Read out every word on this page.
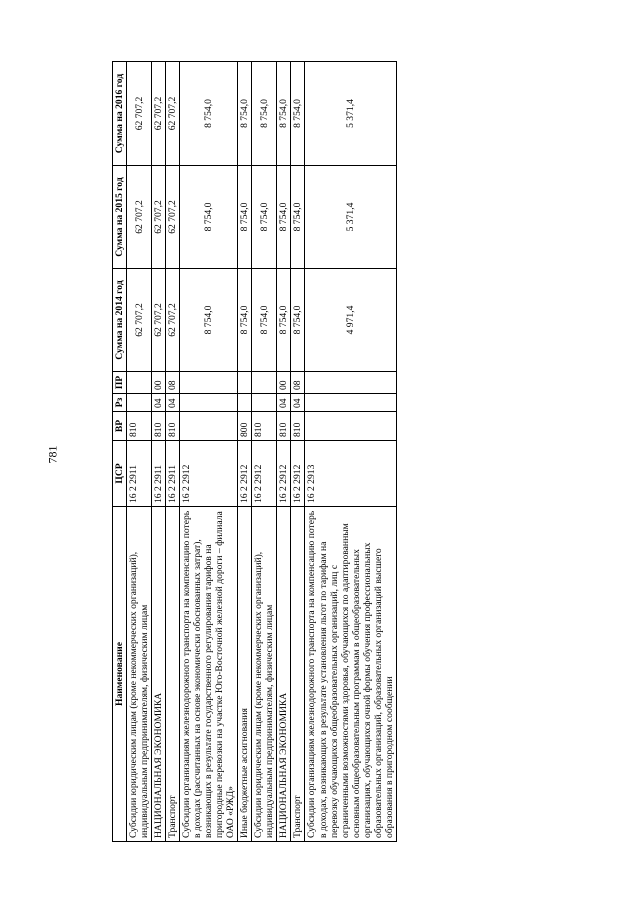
781
Наименование	ЦСР	ВР	Рз	ПР	Сумма на 2014 год	Сумма на 2015 год	Сумма на 2016 год
Субсидии юридическим лицам (кроме некоммерческих организаций), индивидуальным предпринимателям, физическим лицам	16 2 2911	810			62 707,2	62 707,2	62 707,2
НАЦИОНАЛЬНАЯ ЭКОНОМИКА	16 2 2911	810	04	00	62 707,2	62 707,2	62 707,2
Транспорт	16 2 2911	810	04	08	62 707,2	62 707,2	62 707,2
Субсидии организациям железнодорожного транспорта на компенсацию потерь в доходах (рассчитанных на основе экономически обоснованных затрат), возникающих в результате государственного регулирования тарифов на пригородные перевозки на участке Юго-Восточной железной дороги – филиала ОАО «РЖД»	16 2 2912				8 754,0	8 754,0	8 754,0
Иные бюджетные ассигнования	16 2 2912	800			8 754,0	8 754,0	8 754,0
Субсидии юридическим лицам (кроме некоммерческих организаций), индивидуальным предпринимателям, физическим лицам	16 2 2912	810			8 754,0	8 754,0	8 754,0
НАЦИОНАЛЬНАЯ ЭКОНОМИКА	16 2 2912	810	04	00	8 754,0	8 754,0	8 754,0
Транспорт	16 2 2912	810	04	08	8 754,0	8 754,0	8 754,0
Субсидии организациям железнодорожного транспорта на компенсацию потерь в доходах, возникающих в результате установления льгот по тарифам на перевозку обучающихся общеобразовательных организаций, лиц с ограниченными возможностями здоровья, обучающихся по адаптированным основным общеобразовательным программам в общеобразовательных организациях, обучающихся очной формы обучения профессиональных образовательных организаций, образовательных организаций высшего образования в пригородном сообщении	16 2 2913				4 971,4	5 371,4	5 371,4
